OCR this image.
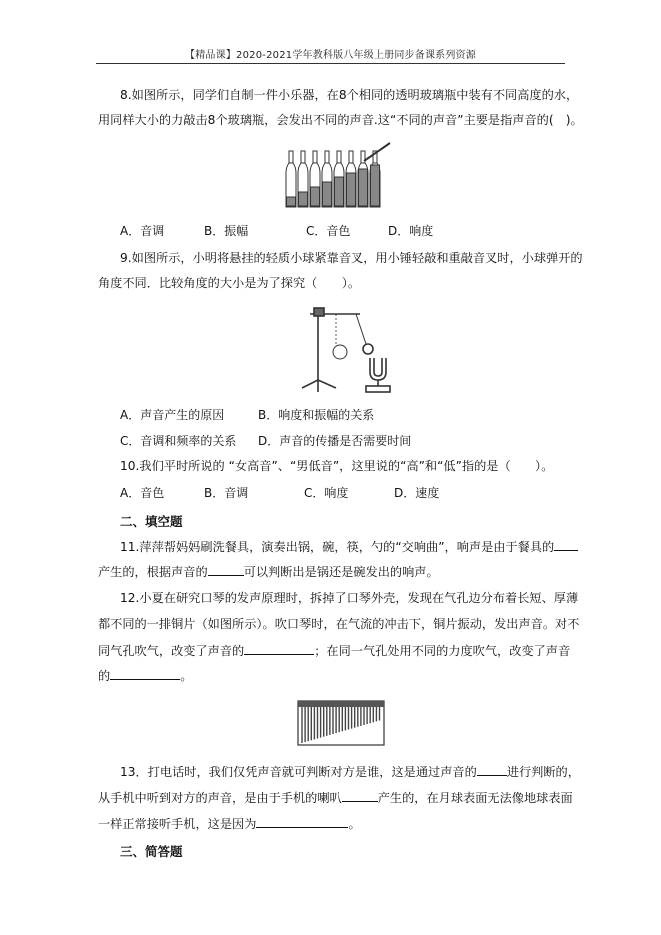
【精品课】2020-2021学年教科版八年级上册同步备课系列资源
8.如图所示，同学们自制一件小乐器，在8个相同的透明玻璃瓶中装有不同高度的水，
用同样大小的力敲击8个玻璃瓶，会发出不同的声音.这“不同的声音”主要是指声音的(　)。
A．音调	B．振幅	C．音色	D．响度
9.如图所示，小明将悬挂的轻质小球紧靠音叉，用小锤轻敲和重敲音叉时，小球弹开的
角度不同．比较角度的大小是为了探究（　　）。
A．声音产生的原因	B．响度和振幅的关系
C．音调和频率的关系 D．声音的传播是否需要时间
10.我们平时所说的 “女高音”、“男低音”，这里说的“高”和“低”指的是（　　）。
A．音色	B．音调	C．响度	D．速度
二、填空题
11.萍萍帮妈妈刷洗餐具，演奏出锅，碗，筷，勺的“交响曲”，响声是由于餐具的
产生的，根据声音的	可以判断出是锅还是碗发出的响声。
12.小夏在研究口琴的发声原理时，拆掉了口琴外壳，发现在气孔边分布着长短、厚薄
都不同的一排铜片（如图所示）。吹口琴时，在气流的冲击下，铜片振动，发出声音。对不
同气孔吹气，改变了声音的	；在同一气孔处用不同的力度吹气，改变了声音
的	。
13．打电话时，我们仅凭声音就可判断对方是谁，这是通过声音的 进行判断的，
从手机中听到对方的声音，是由于手机的喇叭	产生的，在月球表面无法像地球表面
一样正常接听手机，这是因为	。
三、简答题
